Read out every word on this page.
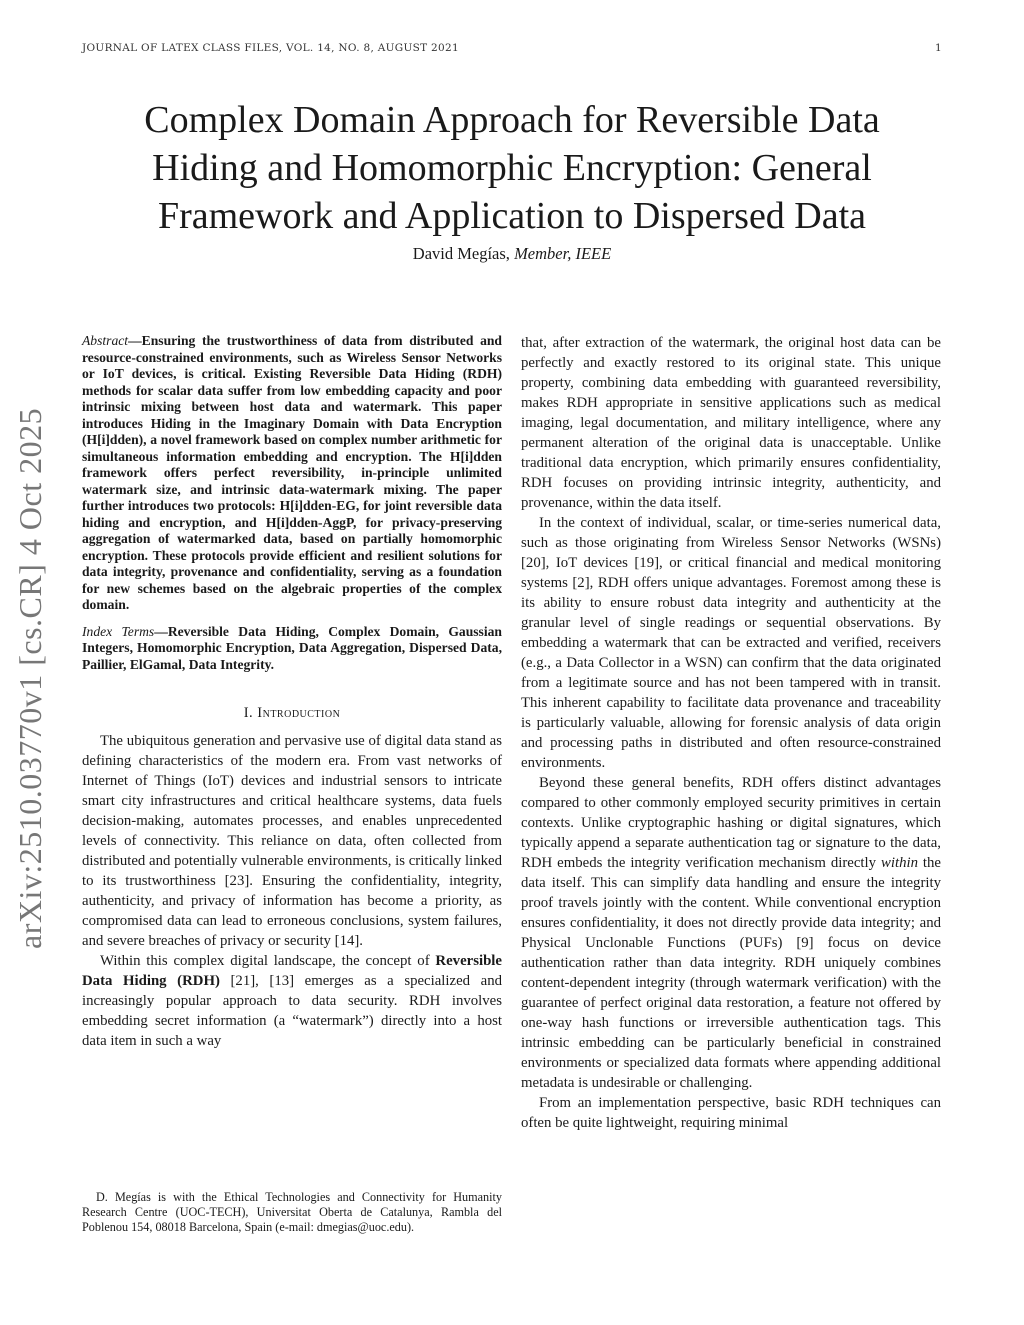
JOURNAL OF LATEX CLASS FILES, VOL. 14, NO. 8, AUGUST 2021	1
arXiv:2510.03770v1 [cs.CR] 4 Oct 2025
Complex Domain Approach for Reversible Data Hiding and Homomorphic Encryption: General Framework and Application to Dispersed Data
David Megías, Member, IEEE
Abstract—Ensuring the trustworthiness of data from distributed and resource-constrained environments, such as Wireless Sensor Networks or IoT devices, is critical. Existing Reversible Data Hiding (RDH) methods for scalar data suffer from low embedding capacity and poor intrinsic mixing between host data and watermark. This paper introduces Hiding in the Imaginary Domain with Data Encryption (H[i]dden), a novel framework based on complex number arithmetic for simultaneous information embedding and encryption. The H[i]dden framework offers perfect reversibility, in-principle unlimited watermark size, and intrinsic data-watermark mixing. The paper further introduces two protocols: H[i]dden-EG, for joint reversible data hiding and encryption, and H[i]dden-AggP, for privacy-preserving aggregation of watermarked data, based on partially homomorphic encryption. These protocols provide efficient and resilient solutions for data integrity, provenance and confidentiality, serving as a foundation for new schemes based on the algebraic properties of the complex domain.
Index Terms—Reversible Data Hiding, Complex Domain, Gaussian Integers, Homomorphic Encryption, Data Aggregation, Dispersed Data, Paillier, ElGamal, Data Integrity.
I. Introduction

The ubiquitous generation and pervasive use of digital data stand as defining characteristics of the modern era. From vast networks of Internet of Things (IoT) devices and industrial sensors to intricate smart city infrastructures and critical healthcare systems, data fuels decision-making, automates processes, and enables unprecedented levels of connectivity. This reliance on data, often collected from distributed and potentially vulnerable environments, is critically linked to its trustworthiness [23]. Ensuring the confidentiality, integrity, authenticity, and privacy of information has become a priority, as compromised data can lead to erroneous conclusions, system failures, and severe breaches of privacy or security [14].

Within this complex digital landscape, the concept of Reversible Data Hiding (RDH) [21], [13] emerges as a specialized and increasingly popular approach to data security. RDH involves embedding secret information (a “watermark”) directly into a host data item in such a way

that, after extraction of the watermark, the original host data can be perfectly and exactly restored to its original state. This unique property, combining data embedding with guaranteed reversibility, makes RDH appropriate in sensitive applications such as medical imaging, legal documentation, and military intelligence, where any permanent alteration of the original data is unacceptable. Unlike traditional data encryption, which primarily ensures confidentiality, RDH focuses on providing intrinsic integrity, authenticity, and provenance, within the data itself.

In the context of individual, scalar, or time-series numerical data, such as those originating from Wireless Sensor Networks (WSNs) [20], IoT devices [19], or critical financial and medical monitoring systems [2], RDH offers unique advantages. Foremost among these is its ability to ensure robust data integrity and authenticity at the granular level of single readings or sequential observations. By embedding a watermark that can be extracted and verified, receivers (e.g., a Data Collector in a WSN) can confirm that the data originated from a legitimate source and has not been tampered with in transit. This inherent capability to facilitate data provenance and traceability is particularly valuable, allowing for forensic analysis of data origin and processing paths in distributed and often resource-constrained environments.

Beyond these general benefits, RDH offers distinct advantages compared to other commonly employed security primitives in certain contexts. Unlike cryptographic hashing or digital signatures, which typically append a separate authentication tag or signature to the data, RDH embeds the integrity verification mechanism directly within the data itself. This can simplify data handling and ensure the integrity proof travels jointly with the content. While conventional encryption ensures confidentiality, it does not directly provide data integrity; and Physical Unclonable Functions (PUFs) [9] focus on device authentication rather than data integrity. RDH uniquely combines content-dependent integrity (through watermark verification) with the guarantee of perfect original data restoration, a feature not offered by one-way hash functions or irreversible authentication tags. This intrinsic embedding can be particularly beneficial in constrained environments or specialized data formats where appending additional metadata is undesirable or challenging.

From an implementation perspective, basic RDH techniques can often be quite lightweight, requiring minimal

D. Megías is with the Ethical Technologies and Connectivity for Humanity Research Centre (UOC-TECH), Universitat Oberta de Catalunya, Rambla del Poblenou 154, 08018 Barcelona, Spain (e-mail: dmegias@uoc.edu).
